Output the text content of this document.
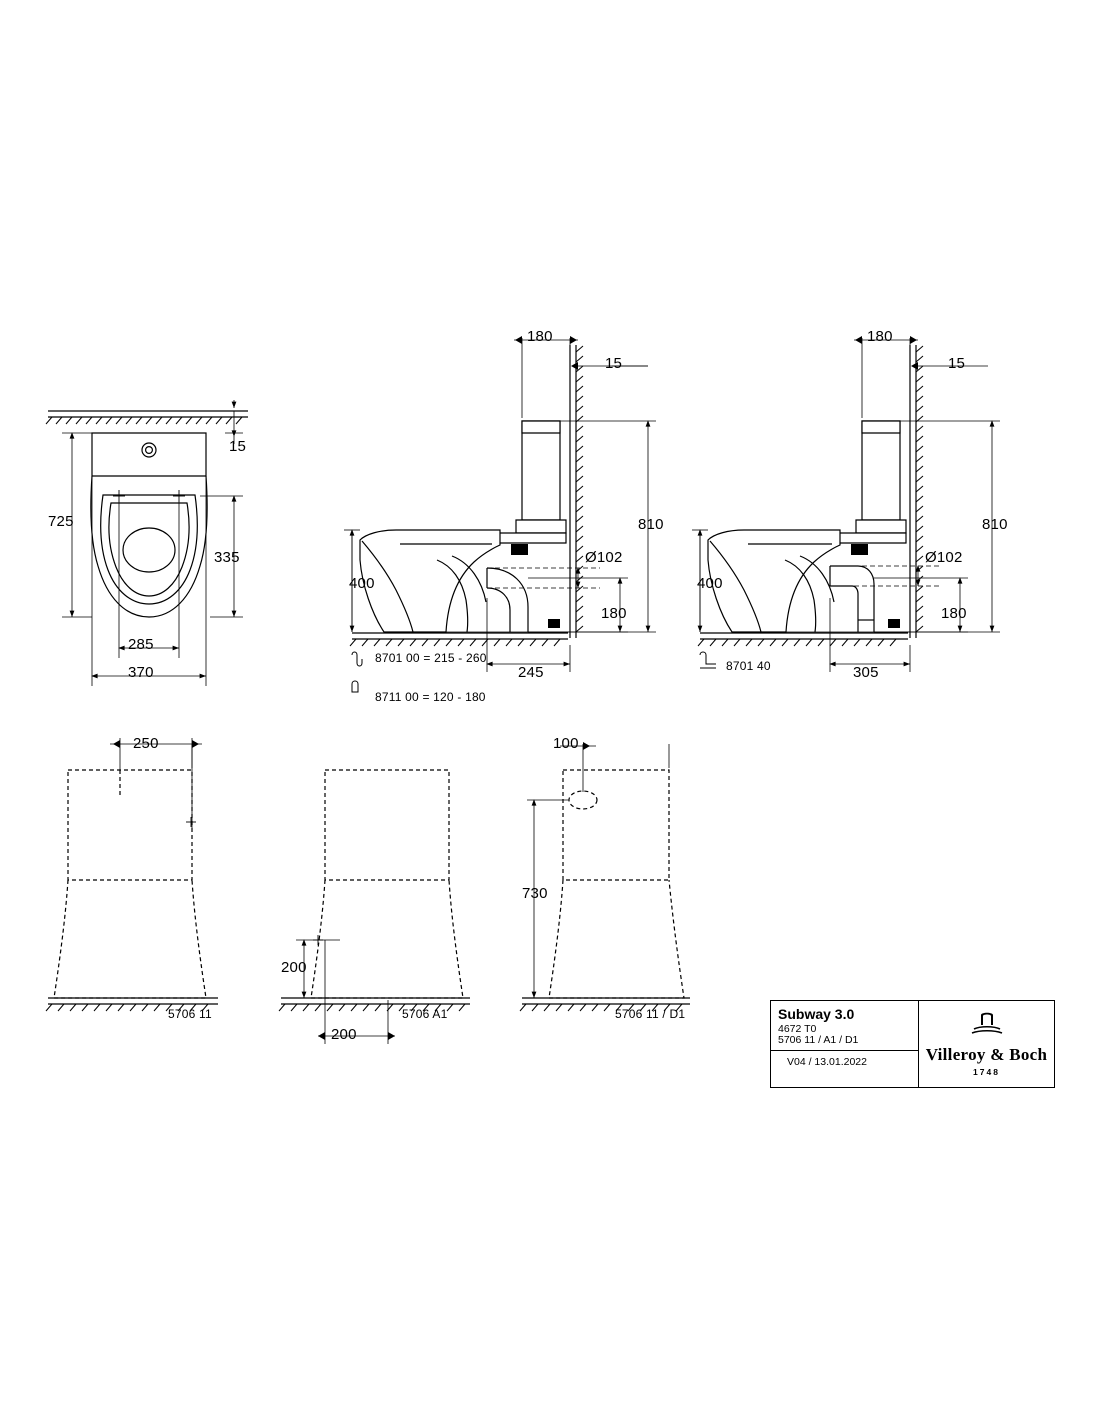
15
725
335
285
370
180
15
810
400
Ø102
180
245
8701 00 = 215 - 260
8711 00 = 120 - 180
180
15
810
400
Ø102
180
305
8701 40
250
5706 11
200
200
5706 A1
100
730
5706 11 / D1	Subway 3.0
4672 T0
5706 11 / A1 / D1
V04 / 13.01.2022	Villeroy & Boch
1748
